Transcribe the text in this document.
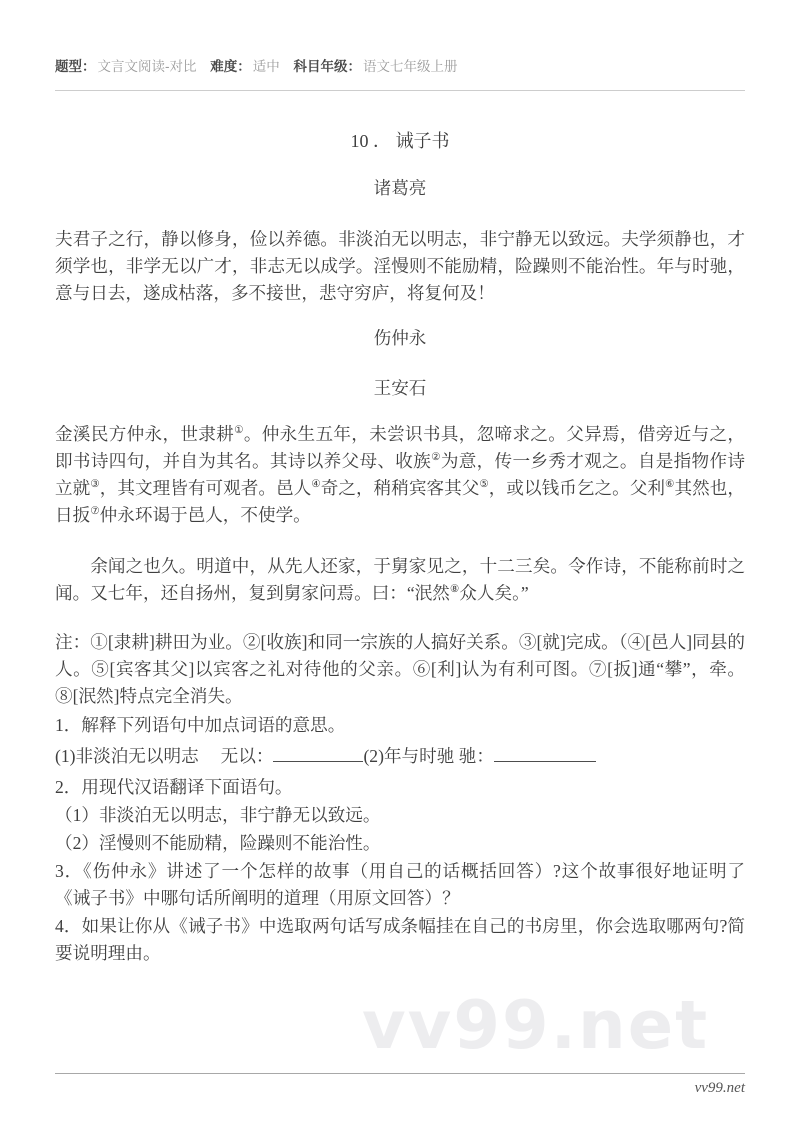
题型： 文言文阅读-对比 难度： 适中 科目年级： 语文七年级上册
10 ． 诫子书
诸葛亮

夫君子之行，静以修身，俭以养德。非淡泊无以明志，非宁静无以致远。夫学须静也，才须学也，非学无以广才，非志无以成学。淫慢则不能励精，险躁则不能治性。年与时驰，意与日去，遂成枯落，多不接世，悲守穷庐，将复何及！

伤仲永
王安石

金溪民方仲永，世隶耕①。仲永生五年，未尝识书具，忽啼求之。父异焉，借旁近与之，即书诗四句，并自为其名。其诗以养父母、收族②为意，传一乡秀才观之。自是指物作诗立就③，其文理皆有可观者。邑人④奇之，稍稍宾客其父⑤，或以钱币乞之。父利⑥其然也，日扳⑦仲永环谒于邑人，不使学。

余闻之也久。明道中，从先人还家，于舅家见之，十二三矣。令作诗，不能称前时之闻。又七年，还自扬州，复到舅家问焉。曰：“泯然⑧众人矣。”

注：①[隶耕]耕田为业。②[收族]和同一宗族的人搞好关系。③[就]完成。（④[邑人]同县的人。⑤[宾客其父]以宾客之礼对待他的父亲。⑥[利]认为有利可图。⑦[扳]通“攀”，牵。⑧[泯然]特点完全消失。

1．解释下列语句中加点词语的意思。

(1)非淡泊无以明志　 无以：	(2)年与时驰 驰：

2．用现代汉语翻译下面语句。

（1）非淡泊无以明志，非宁静无以致远。

（2）淫慢则不能励精，险躁则不能治性。

3．《伤仲永》讲述了一个怎样的故事（用自己的话概括回答）?这个故事很好地证明了《诫子书》中哪句话所阐明的道理（用原文回答）？

4．如果让你从《诫子书》中选取两句话写成条幅挂在自己的书房里，你会选取哪两句?简要说明理由。

vv99.net
vv99.net
